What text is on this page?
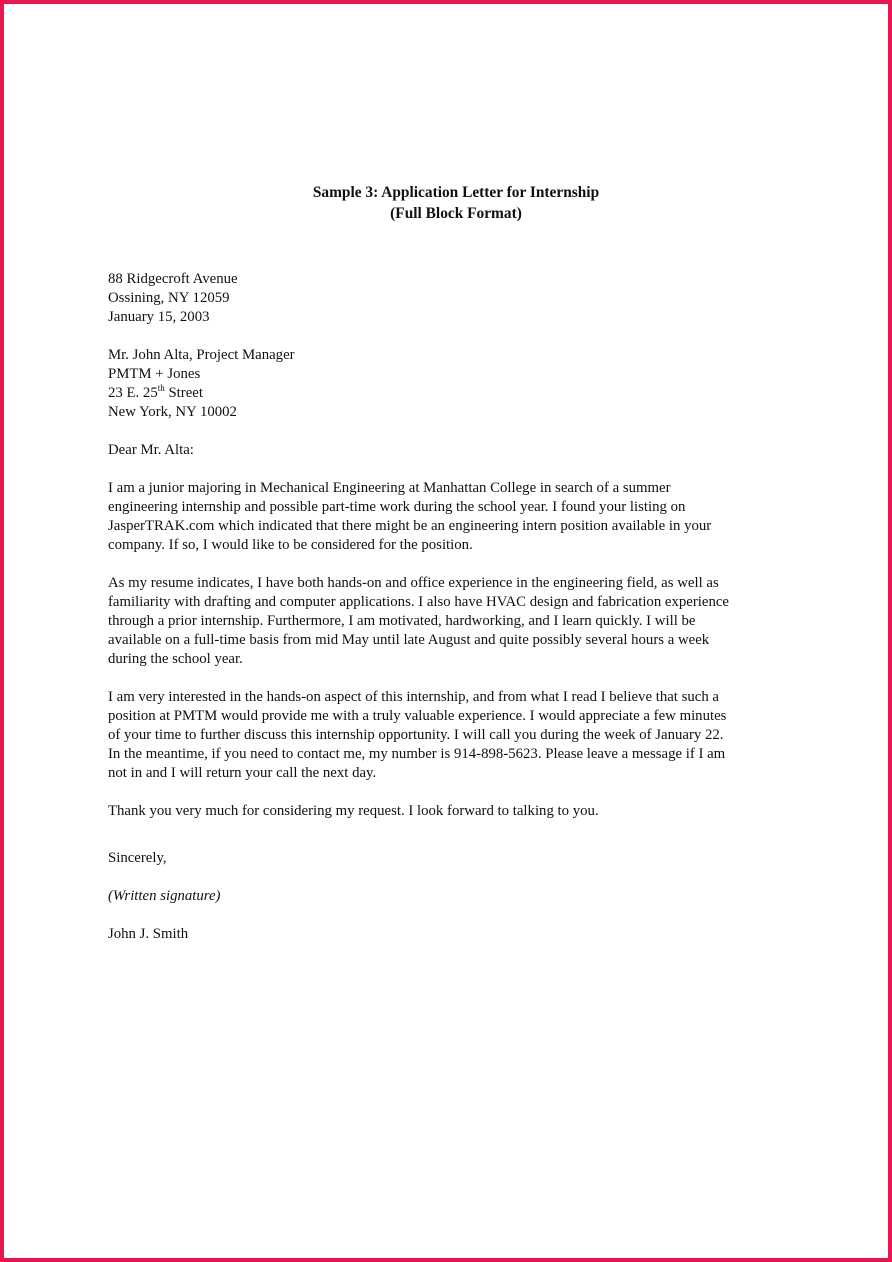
Sample 3: Application Letter for Internship
(Full Block Format)
88 Ridgecroft Avenue
Ossining, NY 12059
January 15, 2003
Mr. John Alta, Project Manager
PMTM + Jones
23 E. 25th Street
New York, NY 10002
Dear Mr. Alta:
I am a junior majoring in Mechanical Engineering at Manhattan College in search of a summer
engineering internship and possible part-time work during the school year. I found your listing on
JasperTRAK.com which indicated that there might be an engineering intern position available in your
company. If so, I would like to be considered for the position.
As my resume indicates, I have both hands-on and office experience in the engineering field, as well as
familiarity with drafting and computer applications. I also have HVAC design and fabrication experience
through a prior internship. Furthermore, I am motivated, hardworking, and I learn quickly. I will be
available on a full-time basis from mid May until late August and quite possibly several hours a week
during the school year.
I am very interested in the hands-on aspect of this internship, and from what I read I believe that such a
position at PMTM would provide me with a truly valuable experience. I would appreciate a few minutes
of your time to further discuss this internship opportunity. I will call you during the week of January 22.
In the meantime, if you need to contact me, my number is 914-898-5623. Please leave a message if I am
not in and I will return your call the next day.
Thank you very much for considering my request. I look forward to talking to you.
Sincerely,
(Written signature)
John J. Smith
